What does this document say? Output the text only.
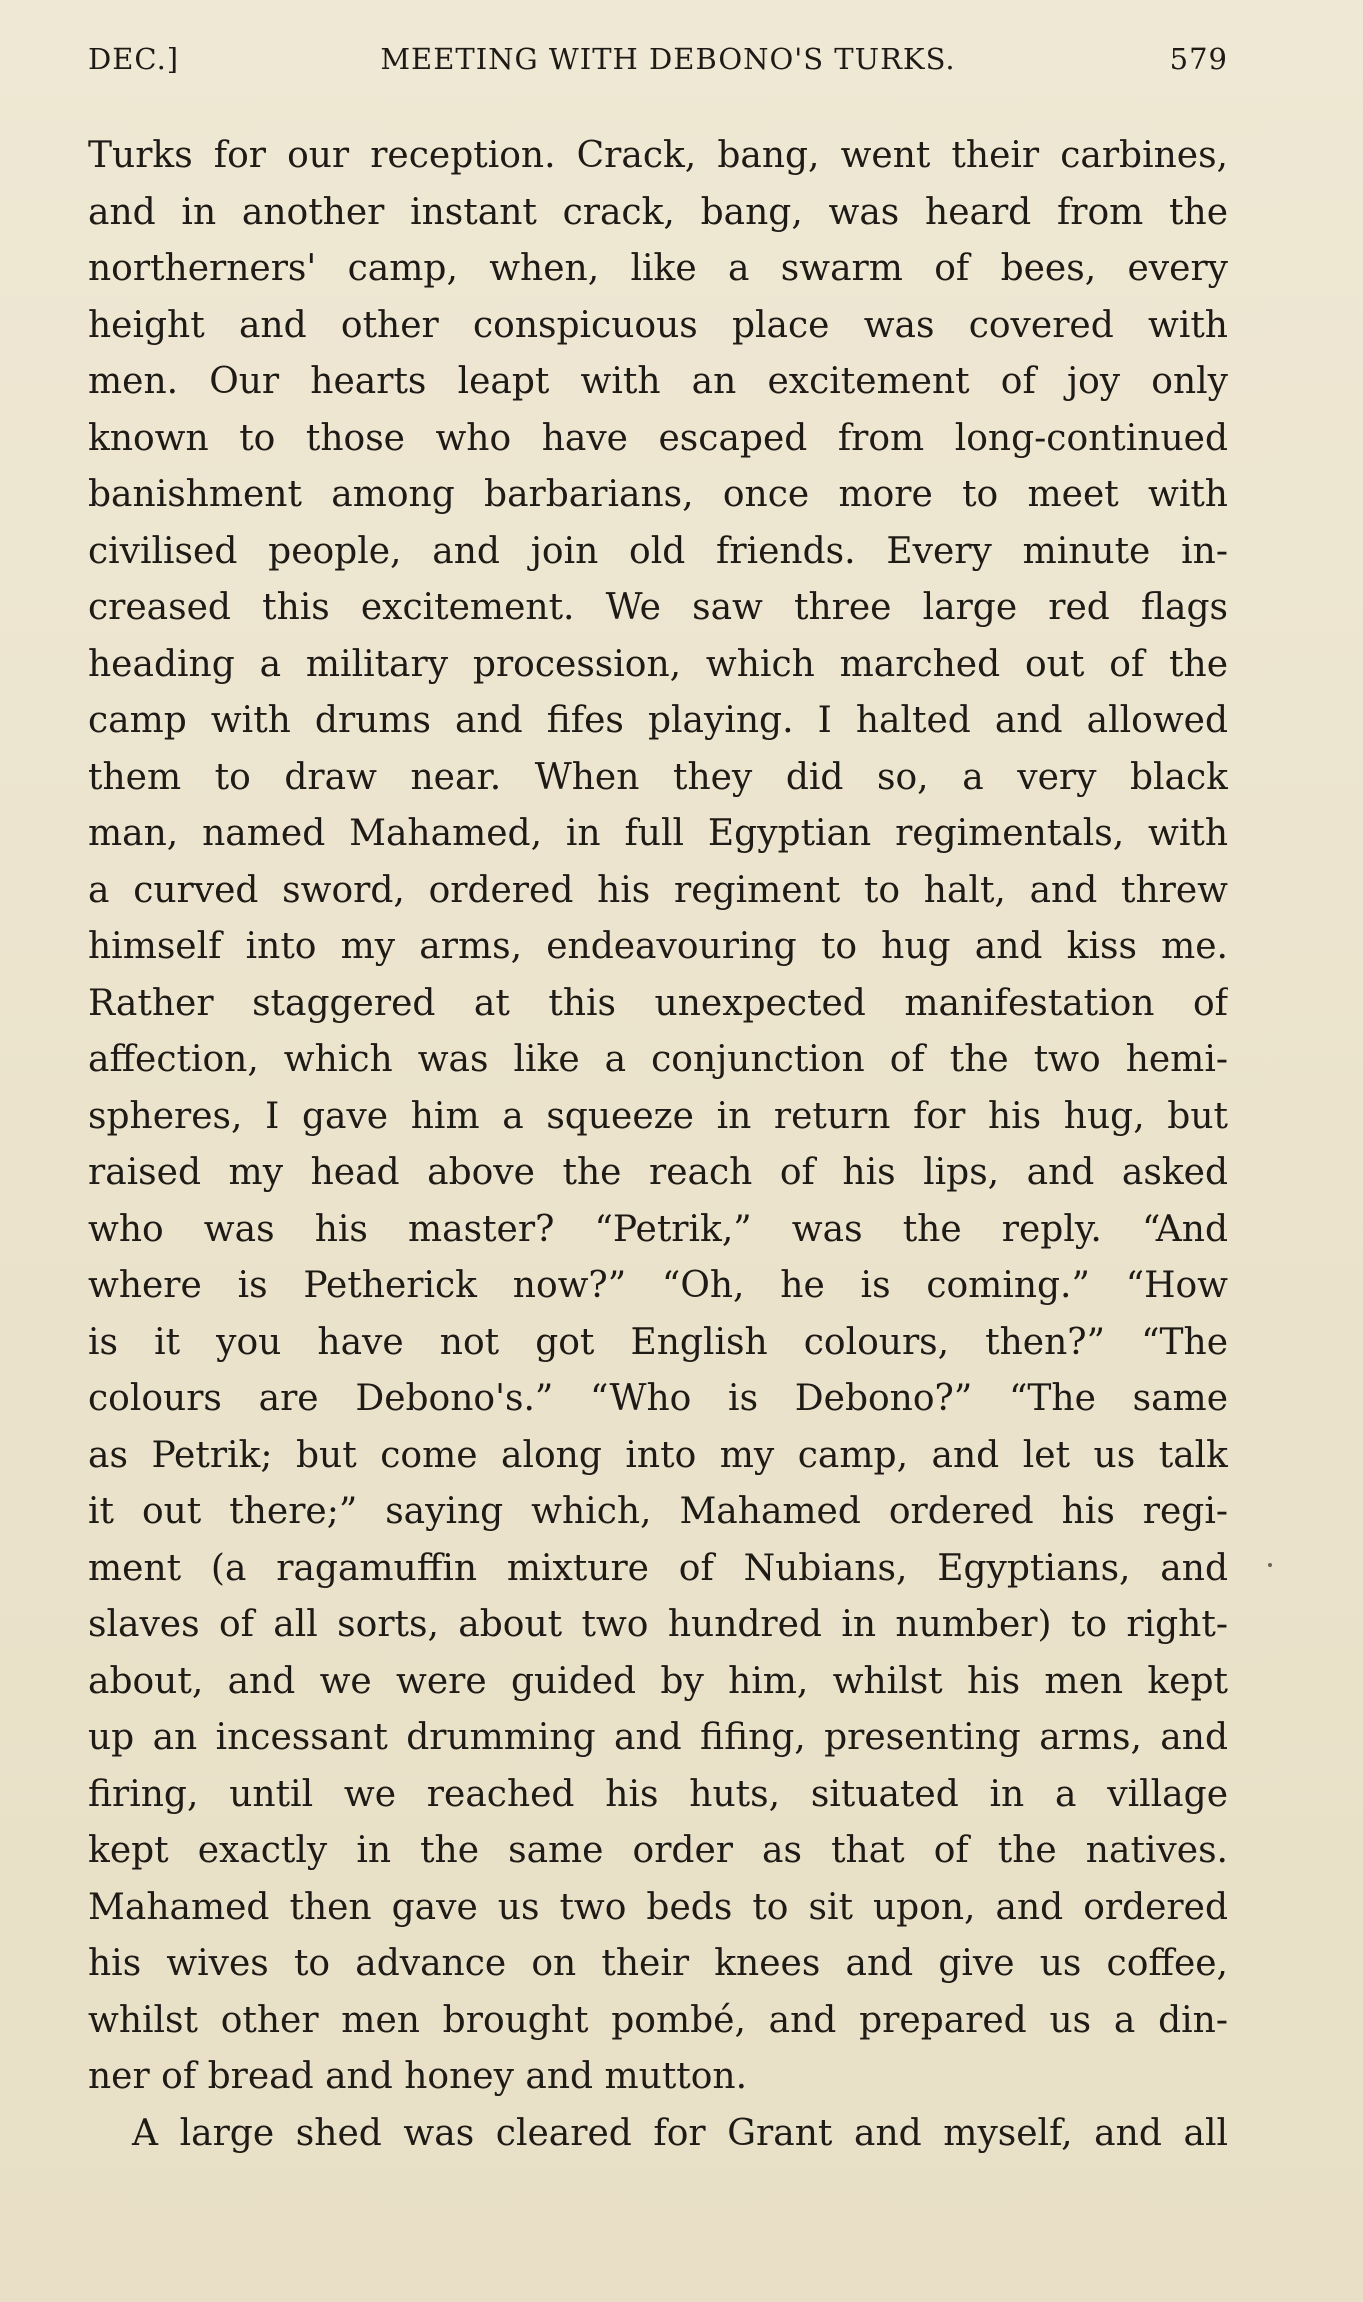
DEC.]	MEETING WITH DEBONO'S TURKS.	579
Turks for our reception. Crack, bang, went their carbines,
and in another instant crack, bang, was heard from the
northerners' camp, when, like a swarm of bees, every
height and other conspicuous place was covered with
men. Our hearts leapt with an excitement of joy only
known to those who have escaped from long-continued
banishment among barbarians, once more to meet with
civilised people, and join old friends. Every minute in-
creased this excitement. We saw three large red flags
heading a military procession, which marched out of the
camp with drums and fifes playing. I halted and allowed
them to draw near. When they did so, a very black
man, named Mahamed, in full Egyptian regimentals, with
a curved sword, ordered his regiment to halt, and threw
himself into my arms, endeavouring to hug and kiss me.
Rather staggered at this unexpected manifestation of
affection, which was like a conjunction of the two hemi-
spheres, I gave him a squeeze in return for his hug, but
raised my head above the reach of his lips, and asked
who was his master? “Petrik,” was the reply. “And
where is Petherick now?” “Oh, he is coming.” “How
is it you have not got English colours, then?” “The
colours are Debono's.” “Who is Debono?” “The same
as Petrik; but come along into my camp, and let us talk
it out there;” saying which, Mahamed ordered his regi-
ment (a ragamuffin mixture of Nubians, Egyptians, and
slaves of all sorts, about two hundred in number) to right-
about, and we were guided by him, whilst his men kept
up an incessant drumming and fifing, presenting arms, and
firing, until we reached his huts, situated in a village
kept exactly in the same order as that of the natives.
Mahamed then gave us two beds to sit upon, and ordered
his wives to advance on their knees and give us coffee,
whilst other men brought pombé, and prepared us a din-
ner of bread and honey and mutton.
A large shed was cleared for Grant and myself, and all
